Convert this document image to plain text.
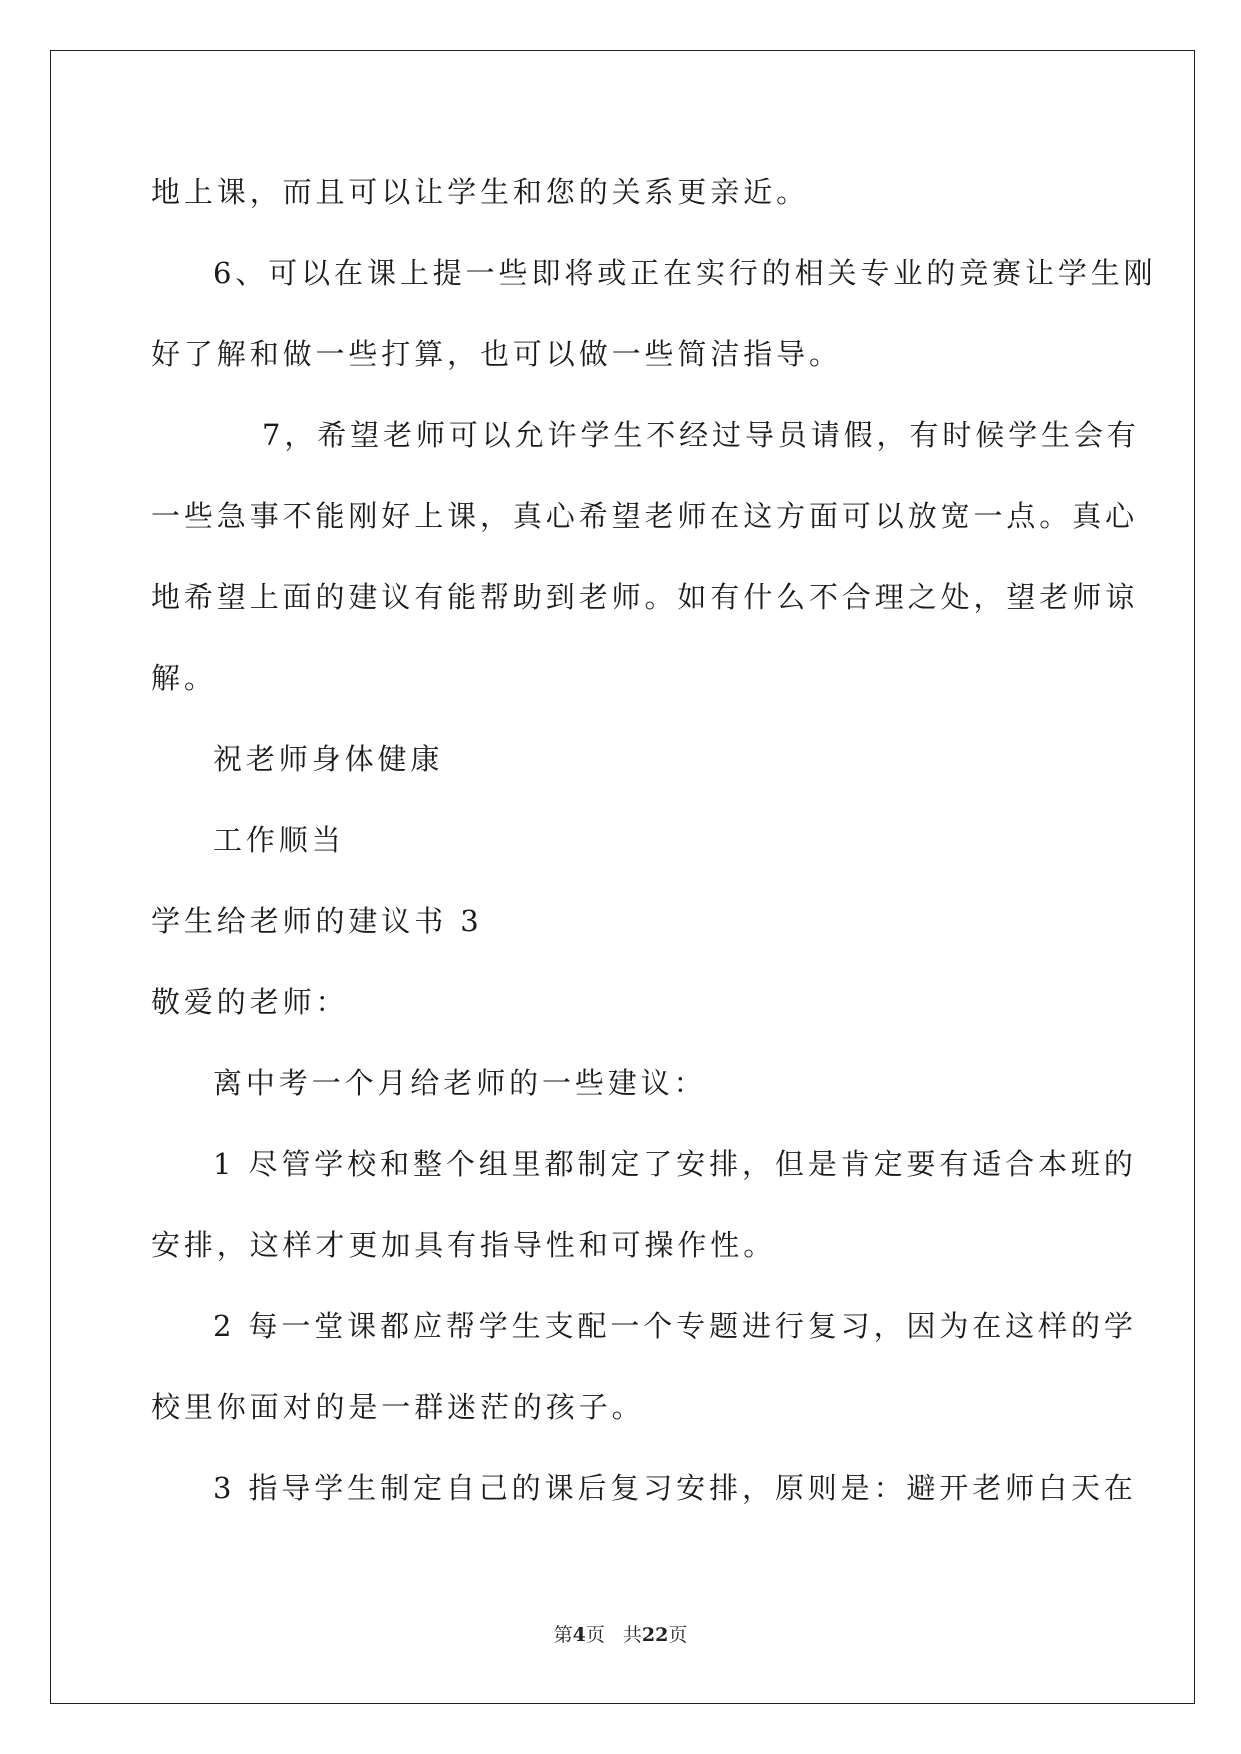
地上课，而且可以让学生和您的关系更亲近。
6、可以在课上提一些即将或正在实行的相关专业的竞赛让学生刚
好了解和做一些打算，也可以做一些简洁指导。
7，希望老师可以允许学生不经过导员请假，有时候学生会有
一些急事不能刚好上课，真心希望老师在这方面可以放宽一点。真心
地希望上面的建议有能帮助到老师。如有什么不合理之处，望老师谅
解。
祝老师身体健康
工作顺当
学生给老师的建议书 3
敬爱的老师：
离中考一个月给老师的一些建议：
1 尽管学校和整个组里都制定了安排，但是肯定要有适合本班的
安排，这样才更加具有指导性和可操作性。
2 每一堂课都应帮学生支配一个专题进行复习，因为在这样的学
校里你面对的是一群迷茫的孩子。
3 指导学生制定自己的课后复习安排，原则是：避开老师白天在
第4页 共22页
